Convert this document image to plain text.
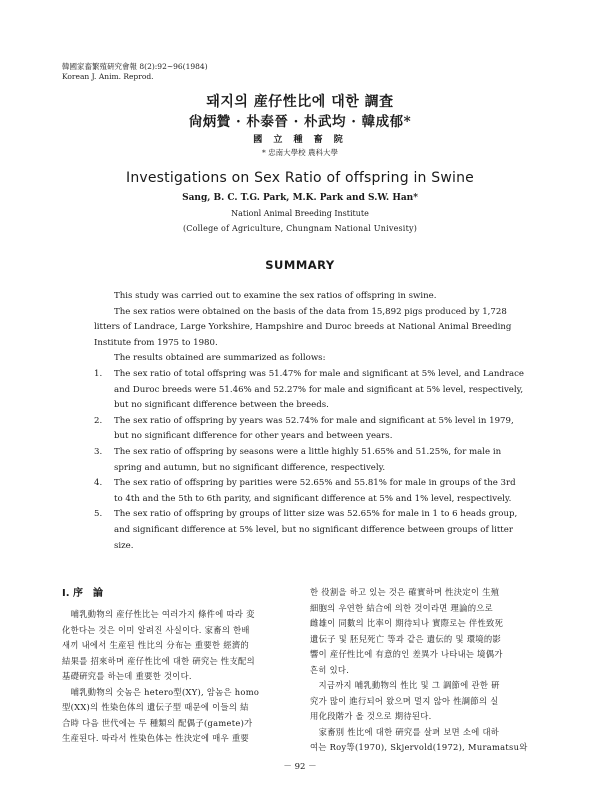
韓國家畜繁殖硏究會報 8(2):92~96(1984)
Korean J. Anim. Reprod.
돼지의 産仔性比에 대한 調査
尙炳贊 · 朴泰晉 · 朴武均 · 韓成郁*
國 立 種 畜 院
* 忠南大學校 農科大學
Investigations on Sex Ratio of offspring in Swine
Sang, B. C. T.G. Park, M.K. Park and S.W. Han*
Nationl Animal Breeding Institute
(College of Agriculture, Chungnam National Univesity)
SUMMARY

This study was carried out to examine the sex ratios of offspring in swine.

The sex ratios were obtained on the basis of the data from 15,892 pigs produced by 1,728

litters of Landrace, Large Yorkshire, Hampshire and Duroc breeds at National Animal Breeding

Institute from 1975 to 1980.

The results obtained are summarized as follows:

1. The sex ratio of total offspring was 51.47% for male and significant at 5% level, and Landrace

and Duroc breeds were 51.46% and 52.27% for male and significant at 5% level, respectively,

but no significant difference between the breeds.

2. The sex ratio of offspring by years was 52.74% for male and significant at 5% level in 1979,

but no significant difference for other years and between years.

3. The sex ratio of offspring by seasons were a little highly 51.65% and 51.25%, for male in

spring and autumn, but no significant difference, respectively.

4. The sex ratio of offspring by parities were 52.65% and 55.81% for male in groups of the 3rd

to 4th and the 5th to 6th parity, and significant difference at 5% and 1% level, respectively.

5. The sex ratio of offspring by groups of litter size was 52.65% for male in 1 to 6 heads group,

and significant difference at 5% level, but no significant difference between groups of litter

size.

Ⅰ. 序　論

　哺乳動物의 産仔性比는 여러가지 條件에 따라 変

化한다는 것은 이미 알려진 사실이다. 家畜의 한배

새끼 내에서 生産된 性比의 分布는 重要한 經濟的

結果를 招來하며 産仔性比에 대한 硏究는 性支配의

基礎硏究를 하는데 重要한 것이다.

　哺乳動物의 숫놈은 hetero型(XY), 암놈은 homo

型(XX)의 性染色体의 遺伝子型 때문에 이들의 結

合時 다음 世代에는 두 種類의 配偶子(gamete)가

生産된다. 따라서 性染色体는 性決定에 매우 重要

한 役割을 하고 있는 것은 確實하며 性決定이 生殖

細胞의 우연한 結合에 의한 것이라면 理論的으로

雌雄이 同數의 比率이 期待되나 實際로는 伴性致死

遺伝子 및 胚兒死亡 等과 같은 遺伝的 및 環境的影

響이 産仔性比에 有意的인 差異가 나타내는 境偶가

흔히 있다.

　지금까지 哺乳動物의 性比 및 그 調節에 관한 硏

究가 많이 進行되어 왔으며 멀지 않아 性調節의 실

用化段階가 올 것으로 期待된다.

　家畜別 性比에 대한 硏究를 살펴 보면 소에 대하

여는 Roy等(1970), Skjervold(1972), Muramatsu와

－ 92 －
